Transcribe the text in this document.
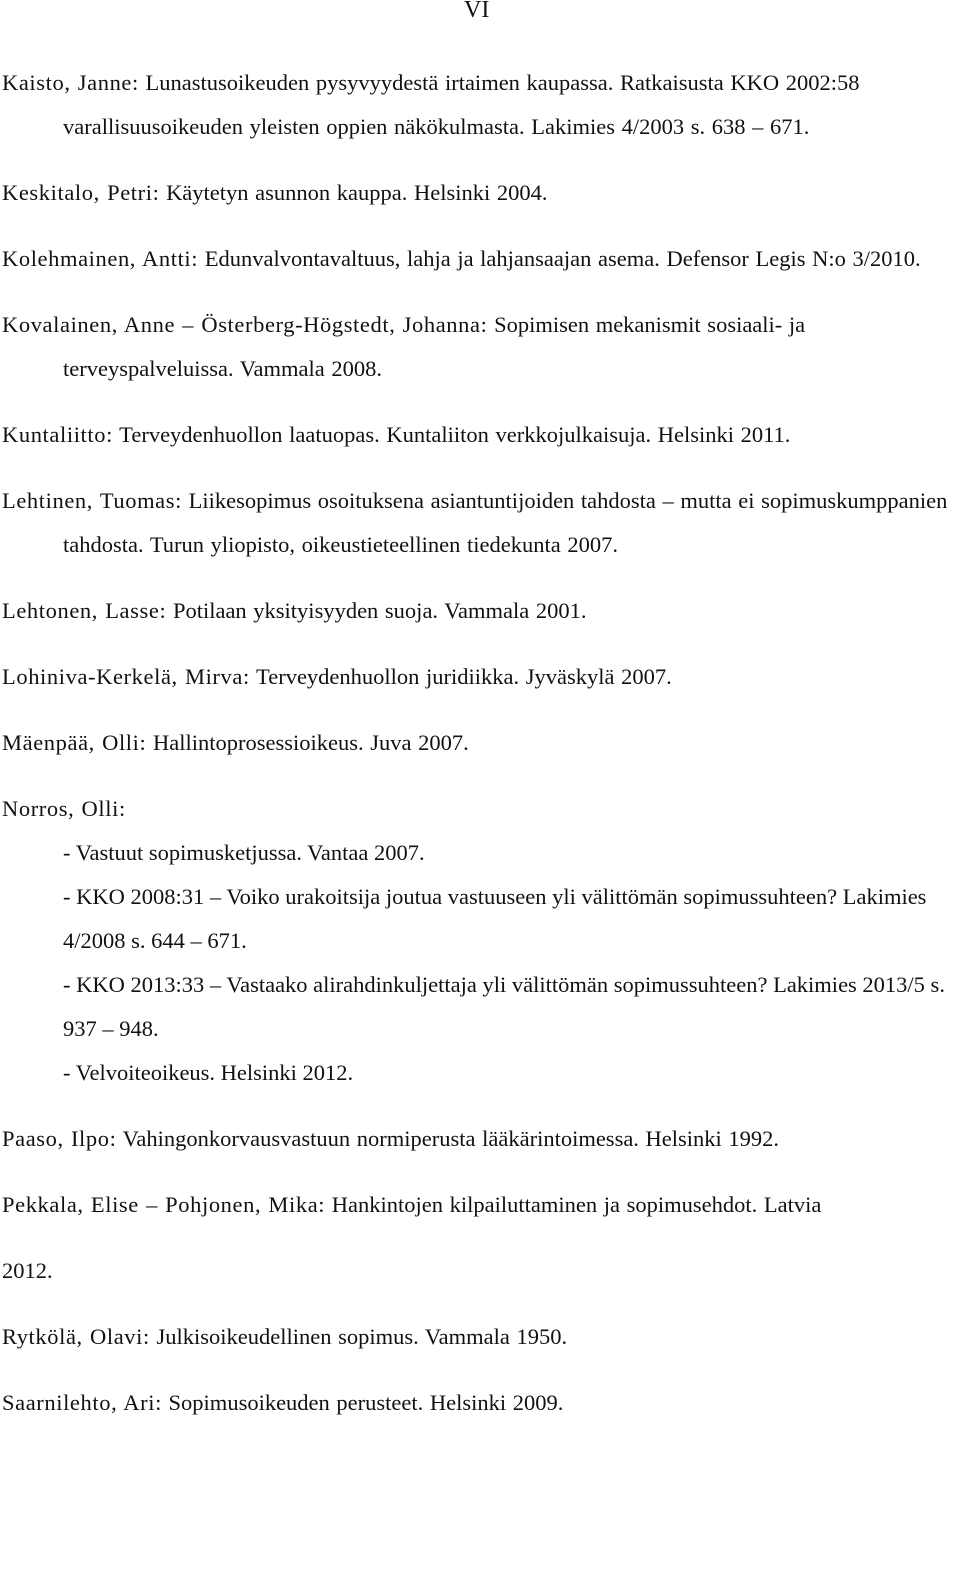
VI

Kaisto, Janne: Lunastusoikeuden pysyvyydestä irtaimen kaupassa. Ratkaisusta KKO 2002:58 varallisuusoikeuden yleisten oppien näkökulmasta. Lakimies 4/2003 s. 638 – 671.

Keskitalo, Petri: Käytetyn asunnon kauppa. Helsinki 2004.

Kolehmainen, Antti: Edunvalvontavaltuus, lahja ja lahjansaajan asema. Defensor Legis N:o 3/2010.

Kovalainen, Anne – Österberg-Högstedt, Johanna: Sopimisen mekanismit sosiaali- ja terveyspalveluissa. Vammala 2008.

Kuntaliitto: Terveydenhuollon laatuopas. Kuntaliiton verkkojulkaisuja. Helsinki 2011.

Lehtinen, Tuomas: Liikesopimus osoituksena asiantuntijoiden tahdosta – mutta ei sopimuskumppanien tahdosta. Turun yliopisto, oikeustieteellinen tiedekunta 2007.

Lehtonen, Lasse: Potilaan yksityisyyden suoja. Vammala 2001.

Lohiniva-Kerkelä, Mirva: Terveydenhuollon juridiikka. Jyväskylä 2007.

Mäenpää, Olli: Hallintoprosessioikeus. Juva 2007.

Norros, Olli:

- Vastuut sopimusketjussa. Vantaa 2007.

- KKO 2008:31 – Voiko urakoitsija joutua vastuuseen yli välittömän sopimussuhteen? Lakimies 4/2008 s. 644 – 671.

- KKO 2013:33 – Vastaako alirahdinkuljettaja yli välittömän sopimussuhteen? Lakimies 2013/5 s. 937 – 948.

- Velvoiteoikeus. Helsinki 2012.

Paaso, Ilpo: Vahingonkorvausvastuun normiperusta lääkärintoimessa. Helsinki 1992.

Pekkala, Elise – Pohjonen, Mika: Hankintojen kilpailuttaminen ja sopimusehdot. Latvia

2012.

Rytkölä, Olavi: Julkisoikeudellinen sopimus. Vammala 1950.

Saarnilehto, Ari: Sopimusoikeuden perusteet. Helsinki 2009.
